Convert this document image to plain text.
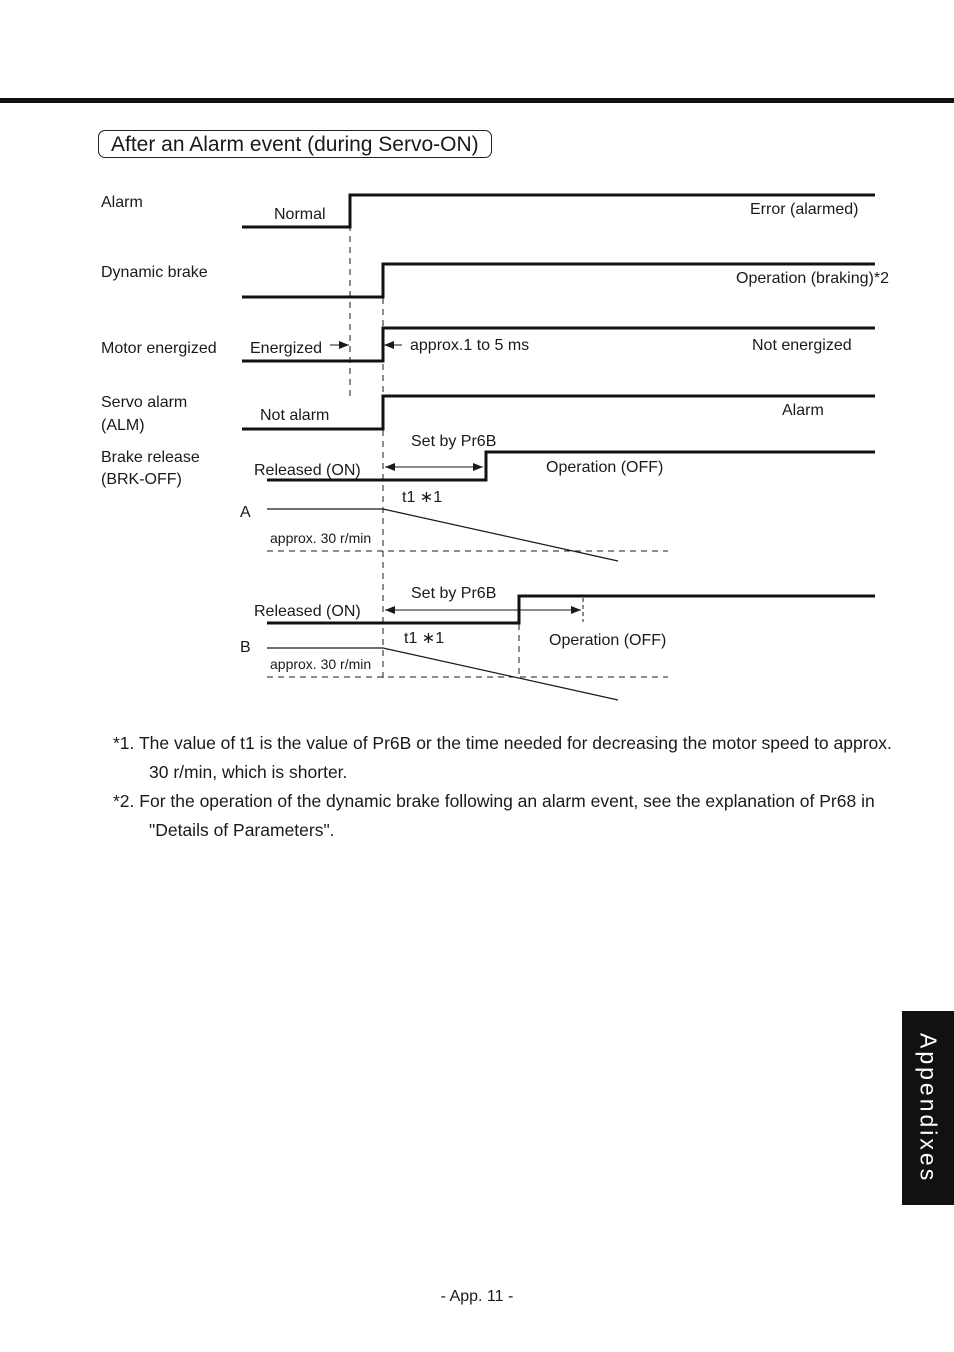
After an Alarm event (during Servo-ON)
Alarm
Normal	Error (alarmed)
Dynamic brake	Operation (braking)*2
Motor energized Energized	approx.1 to 5 ms	Not energized
Servo alarm
(ALM)
Not alarm	Alarm
Brake release
(BRK-OFF)
Set by Pr6B
Released (ON)	Operation (OFF)
t1 ∗1
A
approx. 30 r/min
Set by Pr6B
Released (ON)
Operation (OFF)
t1 ∗1
B
approx. 30 r/min

*1. The value of t1 is the value of Pr6B or the time needed for decreasing the motor speed to approx. 30 r/min, which is shorter.

*2. For the operation of the dynamic brake following an alarm event, see the explanation of Pr68 in "Details of Parameters".

- App. 11 -
Appendixes
